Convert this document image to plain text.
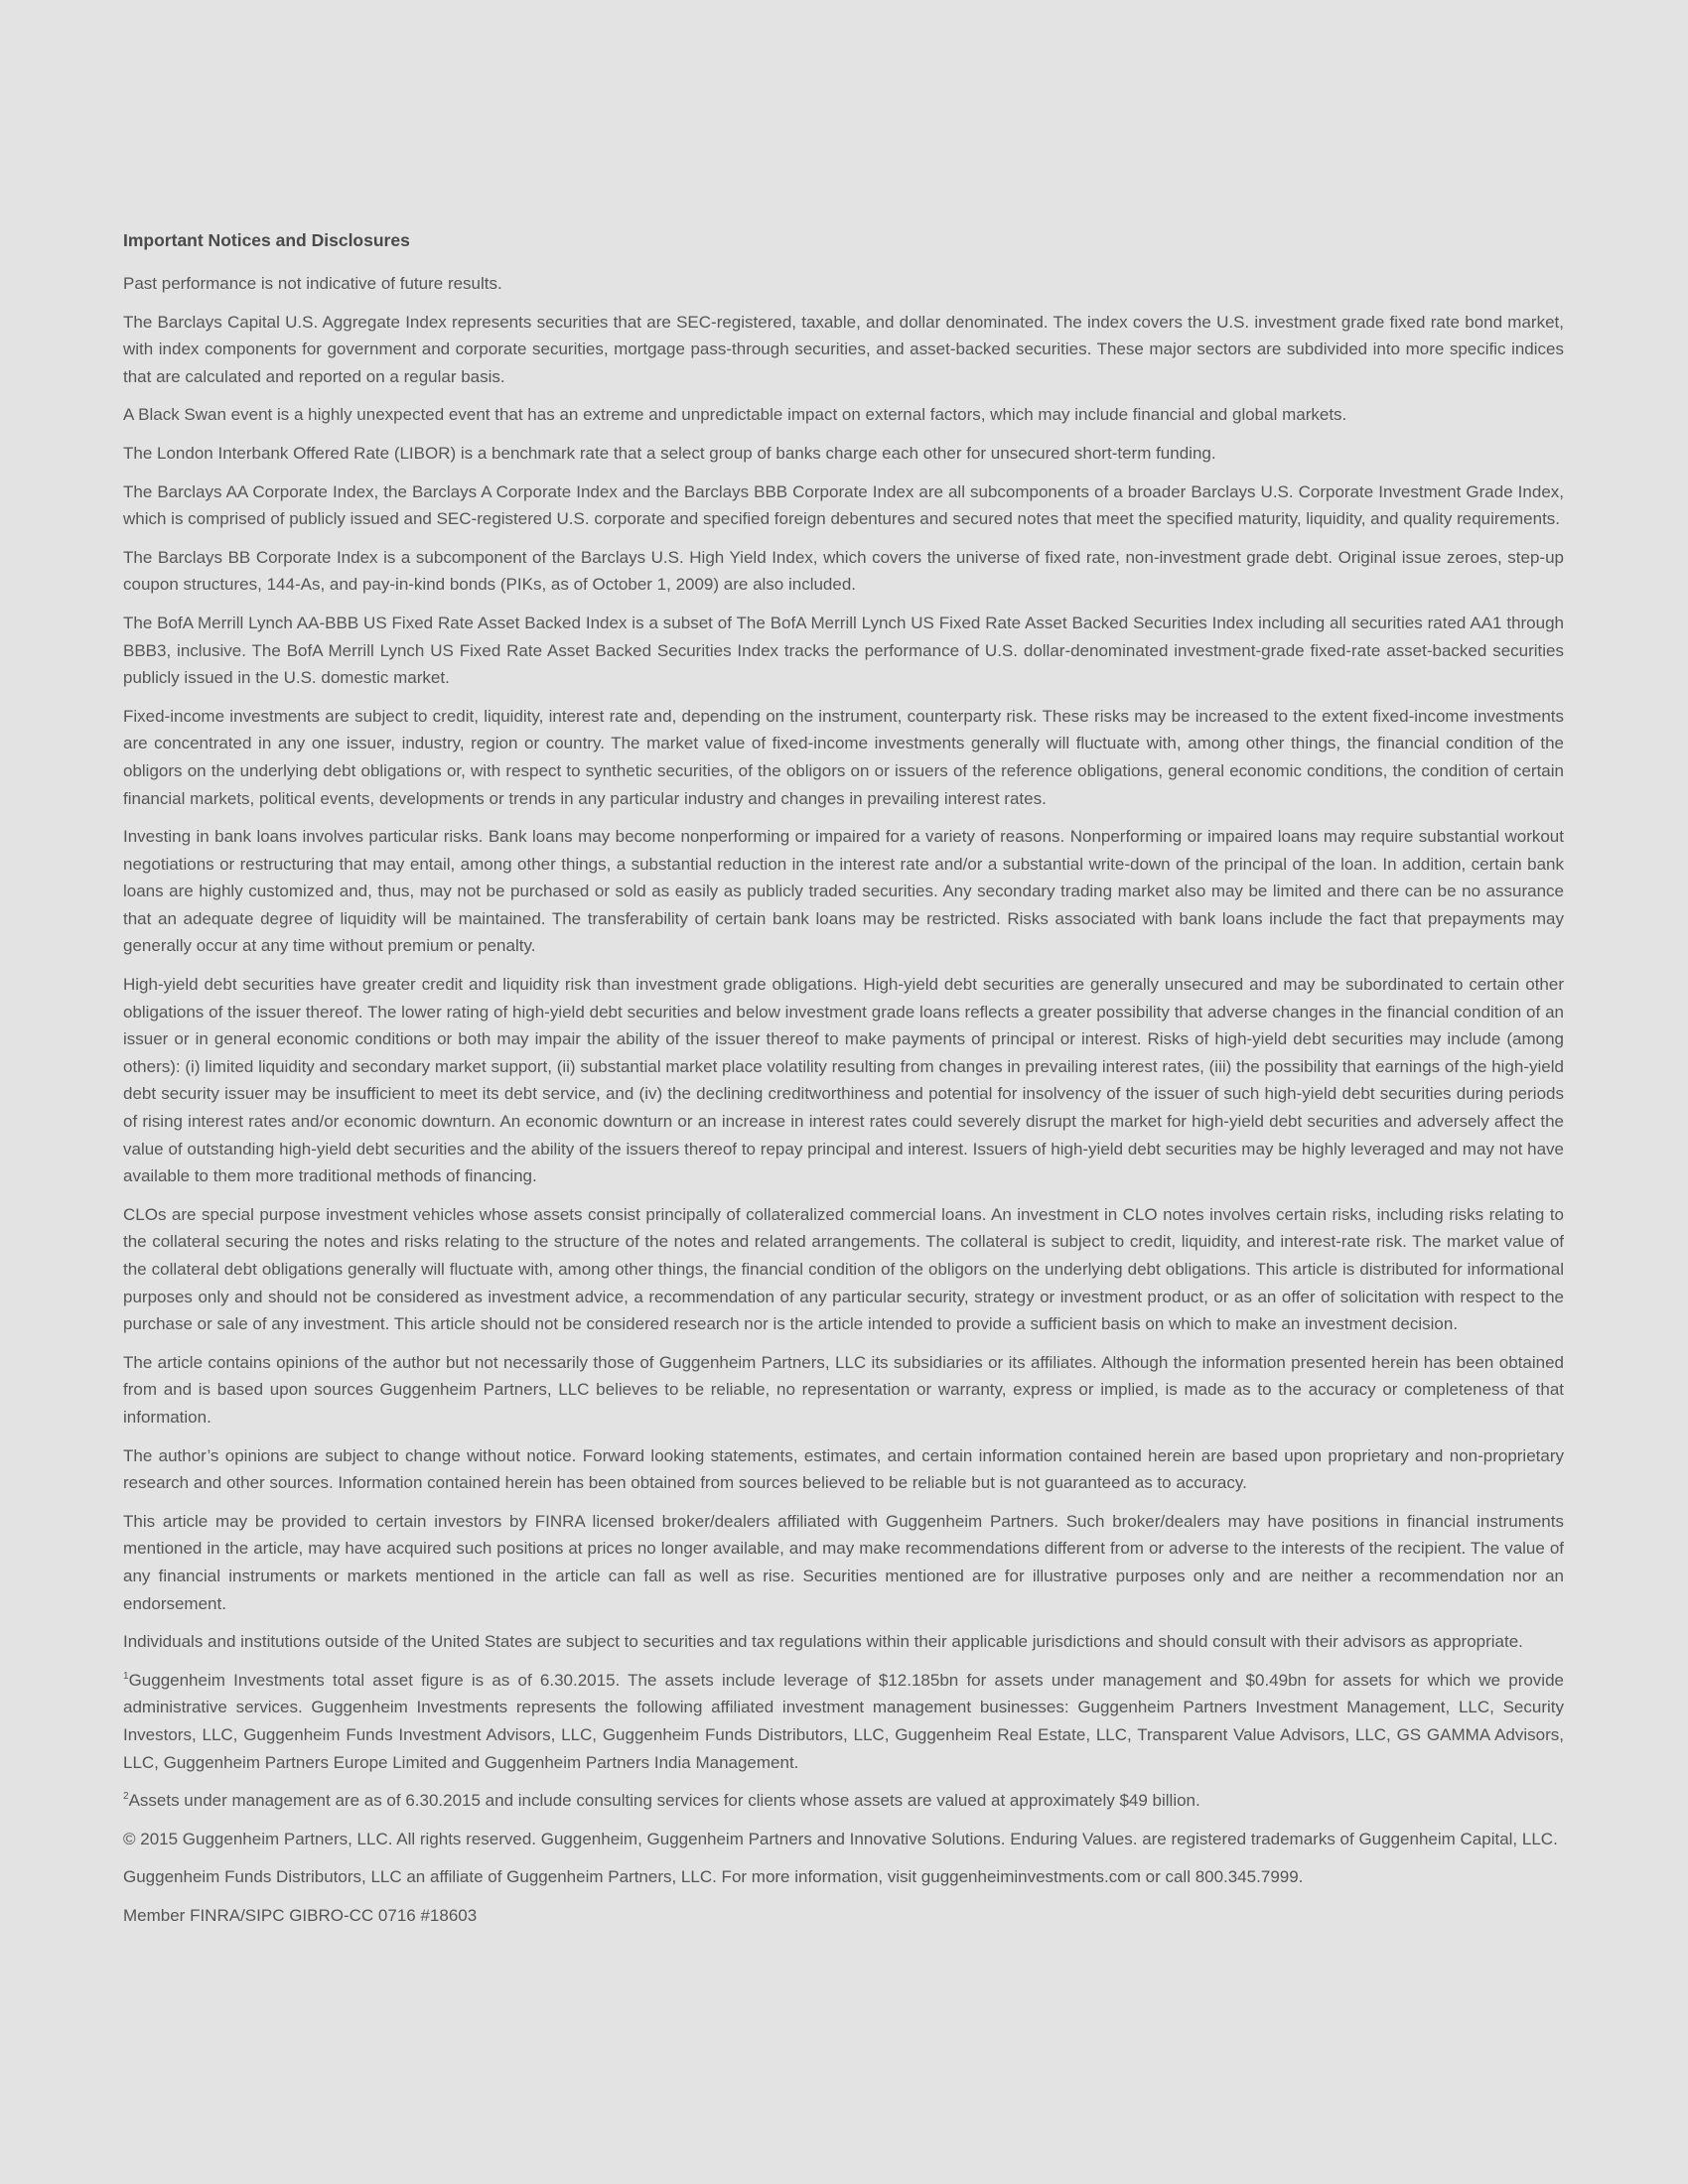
Important Notices and Disclosures

Past performance is not indicative of future results.

The Barclays Capital U.S. Aggregate Index represents securities that are SEC-registered, taxable, and dollar denominated. The index covers the U.S. investment grade fixed rate bond market, with index components for government and corporate securities, mortgage pass-through securities, and asset-backed securities. These major sectors are subdivided into more specific indices that are calculated and reported on a regular basis.

A Black Swan event is a highly unexpected event that has an extreme and unpredictable impact on external factors, which may include financial and global markets.

The London Interbank Offered Rate (LIBOR) is a benchmark rate that a select group of banks charge each other for unsecured short-term funding.

The Barclays AA Corporate Index, the Barclays A Corporate Index and the Barclays BBB Corporate Index are all subcomponents of a broader Barclays U.S. Corporate Investment Grade Index, which is comprised of publicly issued and SEC-registered U.S. corporate and specified foreign debentures and secured notes that meet the specified maturity, liquidity, and quality requirements.

The Barclays BB Corporate Index is a subcomponent of the Barclays U.S. High Yield Index, which covers the universe of fixed rate, non-investment grade debt. Original issue zeroes, step-up coupon structures, 144-As, and pay-in-kind bonds (PIKs, as of October 1, 2009) are also included.

The BofA Merrill Lynch AA-BBB US Fixed Rate Asset Backed Index is a subset of The BofA Merrill Lynch US Fixed Rate Asset Backed Securities Index including all securities rated AA1 through BBB3, inclusive. The BofA Merrill Lynch US Fixed Rate Asset Backed Securities Index tracks the performance of U.S. dollar-denominated investment-grade fixed-rate asset-backed securities publicly issued in the U.S. domestic market.

Fixed-income investments are subject to credit, liquidity, interest rate and, depending on the instrument, counterparty risk. These risks may be increased to the extent fixed-income investments are concentrated in any one issuer, industry, region or country. The market value of fixed-income investments generally will fluctuate with, among other things, the financial condition of the obligors on the underlying debt obligations or, with respect to synthetic securities, of the obligors on or issuers of the reference obligations, general economic conditions, the condition of certain financial markets, political events, developments or trends in any particular industry and changes in prevailing interest rates.

Investing in bank loans involves particular risks. Bank loans may become nonperforming or impaired for a variety of reasons. Nonperforming or impaired loans may require substantial workout negotiations or restructuring that may entail, among other things, a substantial reduction in the interest rate and/or a substantial write-down of the principal of the loan. In addition, certain bank loans are highly customized and, thus, may not be purchased or sold as easily as publicly traded securities. Any secondary trading market also may be limited and there can be no assurance that an adequate degree of liquidity will be maintained. The transferability of certain bank loans may be restricted. Risks associated with bank loans include the fact that prepayments may generally occur at any time without premium or penalty.

High-yield debt securities have greater credit and liquidity risk than investment grade obligations. High-yield debt securities are generally unsecured and may be subordinated to certain other obligations of the issuer thereof. The lower rating of high-yield debt securities and below investment grade loans reflects a greater possibility that adverse changes in the financial condition of an issuer or in general economic conditions or both may impair the ability of the issuer thereof to make payments of principal or interest. Risks of high-yield debt securities may include (among others): (i) limited liquidity and secondary market support, (ii) substantial market place volatility resulting from changes in prevailing interest rates, (iii) the possibility that earnings of the high-yield debt security issuer may be insufficient to meet its debt service, and (iv) the declining creditworthiness and potential for insolvency of the issuer of such high-yield debt securities during periods of rising interest rates and/or economic downturn. An economic downturn or an increase in interest rates could severely disrupt the market for high-yield debt securities and adversely affect the value of outstanding high-yield debt securities and the ability of the issuers thereof to repay principal and interest. Issuers of high-yield debt securities may be highly leveraged and may not have available to them more traditional methods of financing.

CLOs are special purpose investment vehicles whose assets consist principally of collateralized commercial loans. An investment in CLO notes involves certain risks, including risks relating to the collateral securing the notes and risks relating to the structure of the notes and related arrangements. The collateral is subject to credit, liquidity, and interest-rate risk. The market value of the collateral debt obligations generally will fluctuate with, among other things, the financial condition of the obligors on the underlying debt obligations. This article is distributed for informational purposes only and should not be considered as investment advice, a recommendation of any particular security, strategy or investment product, or as an offer of solicitation with respect to the purchase or sale of any investment. This article should not be considered research nor is the article intended to provide a sufficient basis on which to make an investment decision.

The article contains opinions of the author but not necessarily those of Guggenheim Partners, LLC its subsidiaries or its affiliates. Although the information presented herein has been obtained from and is based upon sources Guggenheim Partners, LLC believes to be reliable, no representation or warranty, express or implied, is made as to the accuracy or completeness of that information.

The author’s opinions are subject to change without notice. Forward looking statements, estimates, and certain information contained herein are based upon proprietary and non-proprietary research and other sources. Information contained herein has been obtained from sources believed to be reliable but is not guaranteed as to accuracy.

This article may be provided to certain investors by FINRA licensed broker/dealers affiliated with Guggenheim Partners. Such broker/dealers may have positions in financial instruments mentioned in the article, may have acquired such positions at prices no longer available, and may make recommendations different from or adverse to the interests of the recipient. The value of any financial instruments or markets mentioned in the article can fall as well as rise. Securities mentioned are for illustrative purposes only and are neither a recommendation nor an endorsement.

Individuals and institutions outside of the United States are subject to securities and tax regulations within their applicable jurisdictions and should consult with their advisors as appropriate.

$^1$Guggenheim Investments total asset figure is as of 6.30.2015. The assets include leverage of $12.185bn for assets under management and $0.49bn for assets for which we provide administrative services. Guggenheim Investments represents the following affiliated investment management businesses: Guggenheim Partners Investment Management, LLC, Security Investors, LLC, Guggenheim Funds Investment Advisors, LLC, Guggenheim Funds Distributors, LLC, Guggenheim Real Estate, LLC, Transparent Value Advisors, LLC, GS GAMMA Advisors, LLC, Guggenheim Partners Europe Limited and Guggenheim Partners India Management.

$^2$Assets under management are as of 6.30.2015 and include consulting services for clients whose assets are valued at approximately $49 billion.

© 2015 Guggenheim Partners, LLC. All rights reserved. Guggenheim, Guggenheim Partners and Innovative Solutions. Enduring Values. are registered trademarks of Guggenheim Capital, LLC.

Guggenheim Funds Distributors, LLC an affiliate of Guggenheim Partners, LLC. For more information, visit guggenheiminvestments.com or call 800.345.7999.

Member FINRA/SIPC GIBRO-CC 0716 #18603
